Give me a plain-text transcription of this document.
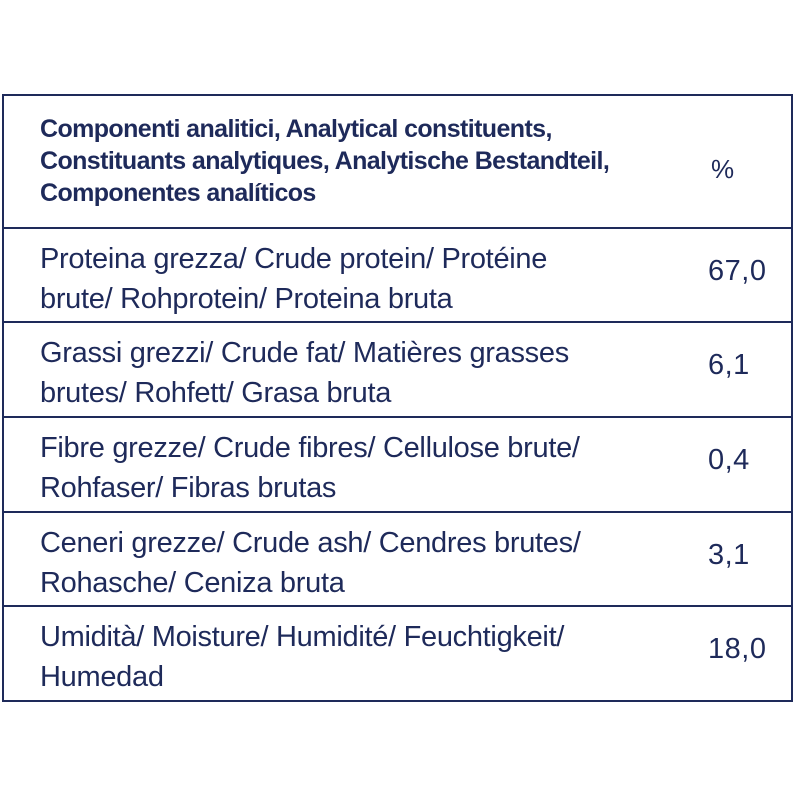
Componenti analitici, Analytical constituents,
Constituants analytiques, Analytische Bestandteil,
Componentes analíticos
%
Proteina grezza/ Crude protein/ Protéine
brute/ Rohprotein/ Proteina bruta
67,0
Grassi grezzi/ Crude fat/ Matières grasses
brutes/ Rohfett/ Grasa bruta
6,1
Fibre grezze/ Crude fibres/ Cellulose brute/
Rohfaser/ Fibras brutas
0,4
Ceneri grezze/ Crude ash/ Cendres brutes/
Rohasche/ Ceniza bruta
3,1
Umidità/ Moisture/ Humidité/ Feuchtigkeit/
Humedad
18,0
